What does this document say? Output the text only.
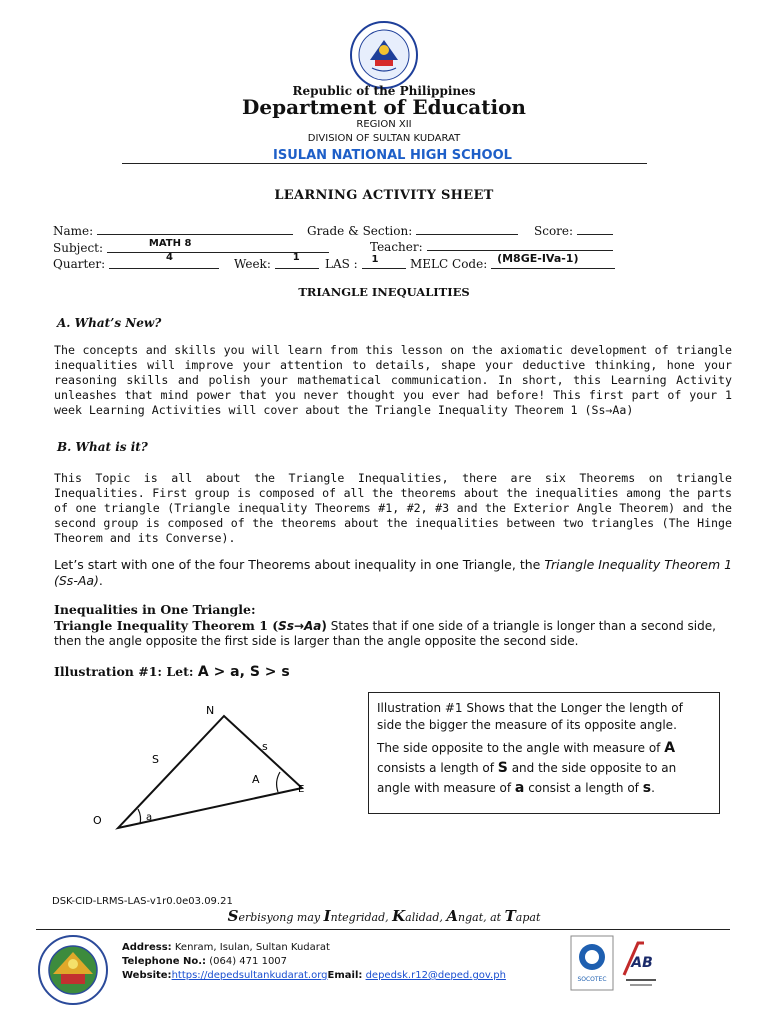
Republic of the Philippines
Department of Education
REGION XII
DIVISION OF SULTAN KUDARAT
ISULAN NATIONAL HIGH SCHOOL
LEARNING ACTIVITY SHEET
Name:	Grade & Section:	Score:
Subject:	MATH 8	Teacher:
Quarter:	4	Week: 1 LAS : 1	MELC Code: (M8GE-IVa-1)
TRIANGLE INEQUALITIES
A. What’s New?
The concepts and skills you will learn from this lesson on the axiomatic development of triangle inequalities will improve your attention to details, shape your deductive thinking, hone your reasoning skills and polish your mathematical communication. In short, this Learning Activity unleashes that mind power that you never thought you ever had before! This first part of your 1 week Learning Activities will cover about the Triangle Inequality Theorem 1 (Ss→Aa)
B. What is it?
This Topic is all about the Triangle Inequalities, there are six Theorems on triangle Inequalities. First group is composed of all the theorems about the inequalities among the parts of one triangle (Triangle inequality Theorems #1, #2, #3 and the Exterior Angle Theorem) and the second group is composed of the theorems about the inequalities between two triangles (The Hinge Theorem and its Converse).
Let’s start with one of the four Theorems about inequality in one Triangle, the Triangle Inequality Theorem 1 (Ss-Aa).
Inequalities in One Triangle:
Triangle Inequality Theorem 1 (Ss→Aa) States that if one side of a triangle is longer than a second side, then the angle opposite the first side is larger than the angle opposite the second side.
Illustration #1: Let: A > a, S > s
N
O
E
S
s
A
a
Illustration #1 Shows that the Longer the length of side the bigger the measure of its opposite angle.
The side opposite to the angle with measure of A consists a length of S and the side opposite to an angle with measure of a consist a length of s.
DSK-CID-LRMS-LAS-v1r0.0e03.09.21
Serbisyong may Integridad, Kalidad, Angat, at Tapat
Address: Kenram, Isulan, Sultan Kudarat
Telephone No.: (064) 471 1007
Website:https://depedsultankudarat.orgEmail: depedsk.r12@deped.gov.ph	SOCOTEC
AB
